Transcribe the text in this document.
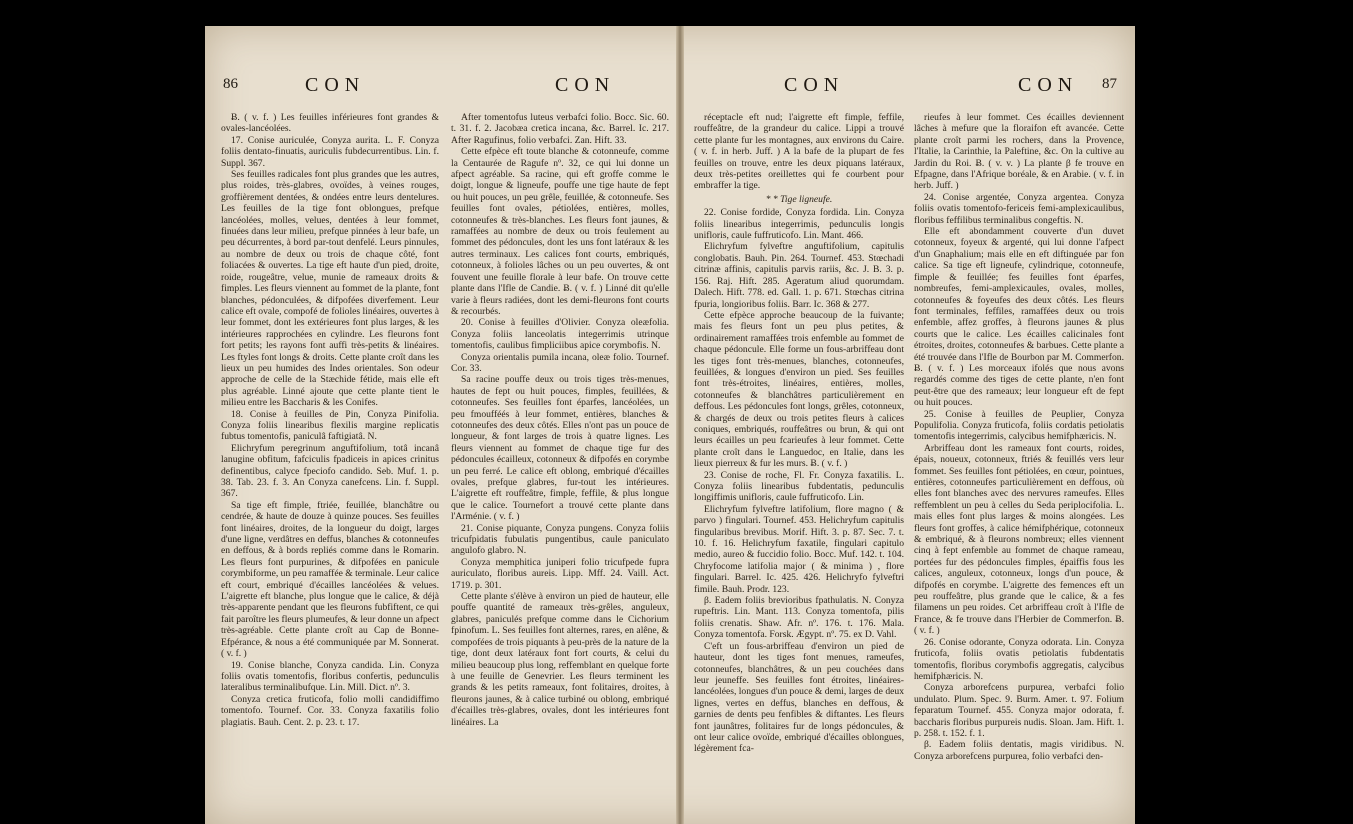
86	CON	CON

Ƀ. ( v. f. ) Les feuilles inférieures font grandes & ovales-lancéolées.

17. Conise auriculée, Conyza aurita. L. F. Conyza foliis dentato-finuatis, auriculis fubdecurrentibus. Lin. f. Suppl. 367.

Ses feuilles radicales font plus grandes que les autres, plus roides, très-glabres, ovoïdes, à veines rouges, groffièrement dentées, & ondées entre leurs dentelures. Les feuilles de la tige font oblongues, prefque lancéolées, molles, velues, dentées à leur fommet, finuées dans leur milieu, prefque pinnées à leur bafe, un peu décurrentes, à bord par-tout denfelé. Leurs pinnules, au nombre de deux ou trois de chaque côté, font foliacées & ouvertes. La tige eft haute d'un pied, droite, roide, rougeâtre, velue, munie de rameaux droits & fimples. Les fleurs viennent au fommet de la plante, font blanches, pédonculées, & difpofées diverfement. Leur calice eft ovale, compofé de folioles linéaires, ouvertes à leur fommet, dont les extérieures font plus larges, & les intérieures rapprochées en cylindre. Les fleurons font fort petits; les rayons font auffi très-petits & linéaires. Les ftyles font longs & droits. Cette plante croît dans les lieux un peu humides des Indes orientales. Son odeur approche de celle de la Stæchide fétide, mais elle eft plus agréable. Linné ajoute que cette plante tient le milieu entre les Baccharis & les Conifes.

18. Conise à feuilles de Pin, Conyza Pinifolia. Conyza foliis linearibus flexilis margine replicatis fubtus tomentofis, paniculâ faftigiatâ. N.

Elichryfum peregrinum anguftifolium, totâ incanâ lanugine obfitum, fafciculis fpadiceis in apices crinitus definentibus, calyce fpeciofo candido. Seb. Muf. 1. p. 38. Tab. 23. f. 3. An Conyza canefcens. Lin. f. Suppl. 367.

Sa tige eft fimple, ftriée, feuillée, blanchâtre ou cendrée, & haute de douze à quinze pouces. Ses feuilles font linéaires, droites, de la longueur du doigt, larges d'une ligne, verdâtres en deffus, blanches & cotonneufes en deffous, & à bords repliés comme dans le Romarin. Les fleurs font purpurines, & difpofées en panicule corymbiforme, un peu ramaffée & terminale. Leur calice eft court, embriqué d'écailles lancéolées & velues. L'aigrette eft blanche, plus longue que le calice, & déjà très-apparente pendant que les fleurons fubfiftent, ce qui fait paroître les fleurs plumeufes, & leur donne un afpect très-agréable. Cette plante croît au Cap de Bonne-Efpérance, & nous a été communiquée par M. Sonnerat. ( v. f. )

19. Conise blanche, Conyza candida. Lin. Conyza foliis ovatis tomentofis, floribus confertis, pedunculis lateralibus terminalibufque. Lin. Mill. Dict. nº. 3.

Conyza cretica fruticofa, folio molli candidiffimo tomentofo. Tournef. Cor. 33. Conyza faxatilis folio plagiatis. Bauh. Cent. 2. p. 23. t. 17.

After tomentofus luteus verbafci folio. Bocc. Sic. 60. t. 31. f. 2. Jacobæa cretica incana, &c. Barrel. Ic. 217. After Ragufinus, folio verbafci. Zan. Hift. 33.

Cette efpèce eft toute blanche & cotonneufe, comme la Centaurée de Ragufe nº. 32, ce qui lui donne un afpect agréable. Sa racine, qui eft groffe comme le doigt, longue & ligneufe, pouffe une tige haute de fept ou huit pouces, un peu grêle, feuillée, & cotonneufe. Ses feuilles font ovales, pétiolées, entières, molles, cotonneufes & très-blanches. Les fleurs font jaunes, & ramaffées au nombre de deux ou trois feulement au fommet des pédoncules, dont les uns font latéraux & les autres terminaux. Les calices font courts, embriqués, cotonneux, à folioles lâches ou un peu ouvertes, & ont fouvent une feuille florale à leur bafe. On trouve cette plante dans l'Ifle de Candie. Ƀ. ( v. f. ) Linné dit qu'elle varie à fleurs radiées, dont les demi-fleurons font courts & recourbés.

20. Conise à feuilles d'Olivier. Conyza oleæfolia. Conyza foliis lanceolatis integerrimis utrinque tomentofis, caulibus fimpliciibus apice corymbofis. N.

Conyza orientalis pumila incana, oleæ folio. Tournef. Cor. 33.

Sa racine pouffe deux ou trois tiges très-menues, hautes de fept ou huit pouces, fimples, feuillées, & cotonneufes. Ses feuilles font éparfes, lancéolées, un peu fmoufféés à leur fommet, entières, blanches & cotonneufes des deux côtés. Elles n'ont pas un pouce de longueur, & font larges de trois à quatre lignes. Les fleurs viennent au fommet de chaque tige fur des pédoncules écailleux, cotonneux & difpofés en corymbe un peu ferré. Le calice eft oblong, embriqué d'écailles ovales, prefque glabres, fur-tout les intérieures. L'aigrette eft rouffeâtre, fimple, feffile, & plus longue que le calice. Tournefort a trouvé cette plante dans l'Arménie. ( v. f. )

21. Conise piquante, Conyza pungens. Conyza foliis tricufpidatis fubulatis pungentibus, caule paniculato angulofo glabro. N.

Conyza memphitica juniperi folio tricufpede fupra auriculato, floribus aureis. Lipp. Mff. 24. Vaill. Act. 1719. p. 301.

Cette plante s'élève à environ un pied de hauteur, elle pouffe quantité de rameaux très-grêles, anguleux, glabres, paniculés prefque comme dans le Cichorium fpinofum. L. Ses feuilles font alternes, rares, en alêne, & compofées de trois piquants à peu-près de la nature de la tige, dont deux latéraux font fort courts, & celui du milieu beaucoup plus long, reffemblant en quelque forte à une feuille de Genevrier. Les fleurs terminent les grands & les petits rameaux, font folitaires, droites, à fleurons jaunes, & à calice turbiné ou oblong, embriqué d'écailles très-glabres, ovales, dont les intérieures font linéaires. La

CON	CON 87

réceptacle eft nud; l'aigrette eft fimple, feffile, rouffeâtre, de la grandeur du calice. Lippi a trouvé cette plante fur les montagnes, aux environs du Caire. ( v. f. in herb. Juff. ) A la bafe de la plupart de fes feuilles on trouve, entre les deux piquans latéraux, deux très-petites oreillettes qui fe courbent pour embraffer la tige.

* * Tige ligneufe.

22. Conise fordide, Conyza fordida. Lin. Conyza foliis linearibus integerrimis, pedunculis longis unifloris, caule fuffruticofo. Lin. Mant. 466.

Elichryfum fylveftre anguftifolium, capitulis conglobatis. Bauh. Pin. 264. Tournef. 453. Stœchadi citrinæ affinis, capitulis parvis rariis, &c. J. B. 3. p. 156. Raj. Hift. 285. Ageratum aliud quorumdam. Dalech. Hift. 778. ed. Gall. 1. p. 671. Stœchas citrina fpuria, longioribus foliis. Barr. Ic. 368 & 277.

Cette efpèce approche beaucoup de la fuivante; mais fes fleurs font un peu plus petites, & ordinairement ramaffées trois enfemble au fommet de chaque pédoncule. Elle forme un fous-arbriffeau dont les tiges font très-menues, blanches, cotonneufes, feuillées, & longues d'environ un pied. Ses feuilles font très-étroites, linéaires, entières, molles, cotonneufes & blanchâtres particulièrement en deffous. Les pédoncules font longs, grêles, cotonneux, & chargés de deux ou trois petites fleurs à calices coniques, embriqués, rouffeâtres ou brun, & qui ont leurs écailles un peu fcarieufes à leur fommet. Cette plante croît dans le Languedoc, en Italie, dans les lieux pierreux & fur les murs. Ƀ. ( v. f. )

23. Conise de roche, Fl. Fr. Conyza faxatilis. L. Conyza foliis linearibus fubdentatis, pedunculis longiffimis unifloris, caule fuffruticofo. Lin.

Elichryfum fylveftre latifolium, flore magno ( & parvo ) fingulari. Tournef. 453. Helichryfum capitulis fingularibus brevibus. Morif. Hift. 3. p. 87. Sec. 7. t. 10. f. 16. Helichryfum faxatile, fingulari capitulo medio, aureo & fuccidio folio. Bocc. Muf. 142. t. 104. Chryfocome latifolia major ( & minima ) , flore fingulari. Barrel. Ic. 425. 426. Helichryfo fylveftri fimile. Bauh. Prodr. 123.

β. Eadem foliis brevioribus fpathulatis. N. Conyza rupeftris. Lin. Mant. 113. Conyza tomentofa, pilis foliis crenatis. Shaw. Afr. nº. 176. t. 176. Mala. Conyza tomentofa. Forsk. Ægypt. nº. 75. ex D. Vahl.

C'eft un fous-arbriffeau d'environ un pied de hauteur, dont les tiges font menues, rameufes, cotonneufes, blanchâtres, & un peu couchées dans leur jeuneffe. Ses feuilles font étroites, linéaires-lancéolées, longues d'un pouce & demi, larges de deux lignes, vertes en deffus, blanches en deffous, & garnies de dents peu fenfibles & diftantes. Les fleurs font jaunâtres, folitaires fur de longs pédoncules, & ont leur calice ovoïde, embriqué d'écailles oblongues, légèrement fca-

rieufes à leur fommet. Ces écailles deviennent lâches à mefure que la floraifon eft avancée. Cette plante croît parmi les rochers, dans la Provence, l'Italie, la Carinthie, la Paleftine, &c. On la cultive au Jardin du Roi. Ƀ. ( v. v. ) La plante β fe trouve en Efpagne, dans l'Afrique boréale, & en Arabie. ( v. f. in herb. Juff. )

24. Conise argentée, Conyza argentea. Conyza foliis ovatis tomentofo-fericeis femi-amplexicaulibus, floribus feffilibus terminalibus congeftis. N.

Elle eft abondamment couverte d'un duvet cotonneux, foyeux & argenté, qui lui donne l'afpect d'un Gnaphalium; mais elle en eft diftinguée par fon calice. Sa tige eft ligneufe, cylindrique, cotonneufe, fimple & feuillée; fes feuilles font éparfes, nombreufes, femi-amplexicaules, ovales, molles, cotonneufes & foyeufes des deux côtés. Les fleurs font terminales, feffiles, ramaffées deux ou trois enfemble, affez groffes, à fleurons jaunes & plus courts que le calice. Les écailles calicinales font étroites, droites, cotonneufes & barbues. Cette plante a été trouvée dans l'Ifle de Bourbon par M. Commerfon. Ƀ. ( v. f. ) Les morceaux ifolés que nous avons regardés comme des tiges de cette plante, n'en font peut-être que des rameaux; leur longueur eft de fept ou huit pouces.

25. Conise à feuilles de Peuplier, Conyza Populifolia. Conyza fruticofa, foliis cordatis petiolatis tomentofis integerrimis, calycibus hemifphæricis. N.

Arbriffeau dont les rameaux font courts, roides, épais, noueux, cotonneux, ftriés & feuillés vers leur fommet. Ses feuilles font pétiolées, en cœur, pointues, entières, cotonneufes particulièrement en deffous, où elles font blanches avec des nervures rameufes. Elles reffemblent un peu à celles du Seda periplocifolia. L. mais elles font plus larges & moins alongées. Les fleurs font groffes, à calice hémifphérique, cotonneux & embriqué, & à fleurons nombreux; elles viennent cinq à fept enfemble au fommet de chaque rameau, portées fur des pédoncules fimples, épaiffis fous les calices, anguleux, cotonneux, longs d'un pouce, & difpofés en corymbe. L'aigrette des femences eft un peu rouffeâtre, plus grande que le calice, & a fes filamens un peu roides. Cet arbriffeau croît à l'Ifle de France, & fe trouve dans l'Herbier de Commerfon. Ƀ. ( v. f. )

26. Conise odorante, Conyza odorata. Lin. Conyza fruticofa, foliis ovatis petiolatis fubdentatis tomentofis, floribus corymbofis aggregatis, calycibus hemifphæricis. N.

Conyza arborefcens purpurea, verbafci folio undulato. Plum. Spec. 9. Burm. Amer. t. 97. Folium feparatum Tournef. 455. Conyza major odorata, f. baccharis floribus purpureis nudis. Sloan. Jam. Hift. 1. p. 258. t. 152. f. 1.

β. Eadem foliis dentatis, magis viridibus. N. Conyza arborefcens purpurea, folio verbafci den-
